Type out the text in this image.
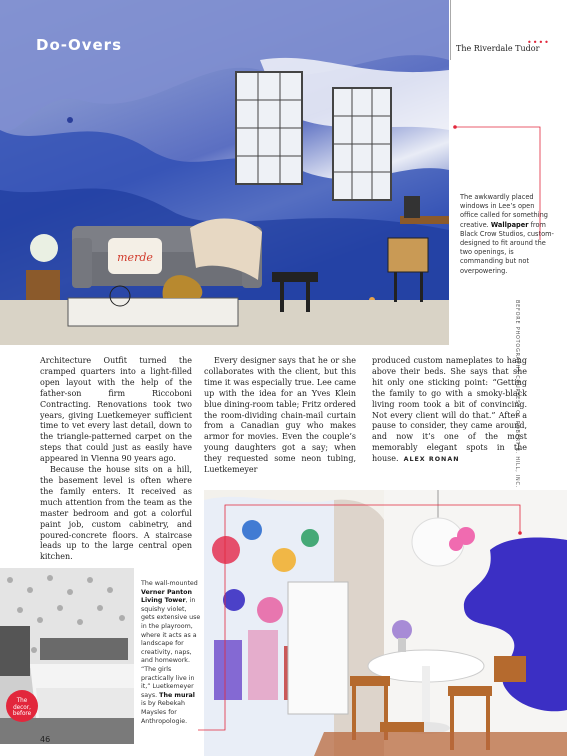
merde
Do-Overs	••••
The Riverdale Tudor
The awkwardly placed windows in Lee’s open office called for something creative. Wallpaper from Black Crow Studios, custom-designed to fit around the two openings, is commanding but not overpowering.
BEFORE PHOTOGRAPHS COURTESY OF ROBERT R. HILL, INC.

Architecture Outfit turned the cramped quarters into a light-filled open layout with the help of the father-son firm Riccoboni Contracting. Renovations took two years, giving Luetkemeyer sufficient time to vet every last detail, down to the triangle-patterned carpet on the steps that could just as easily have appeared in Vienna 90 years ago.

Because the house sits on a hill, the basement level is often where the family enters. It received as much attention from the team as the master bedroom and got a colorful paint job, custom cabinetry, and poured-concrete floors. A staircase leads up to the large central open kitchen.

Every designer says that he or she collaborates with the client, but this time it was especially true. Lee came up with the idea for an Yves Klein blue dining-room table; Fritz ordered the room-dividing chain-mail curtain from a Canadian guy who makes armor for movies. Even the couple’s young daughters got a say; when they requested some neon tubing, Luetkemeyer

produced custom nameplates to hang above their beds. She says that she hit only one sticking point: “Getting the family to go with a smoky-black living room took a bit of convincing. Not every client will do that.” After a pause to consider, they came around, and now it’s one of the most memorably elegant spots in the house. ALEX RONAN

The
decor,
before
The wall-mounted Verner Panton Living Tower, in squishy violet, gets extensive use in the playroom, where it acts as a landscape for creativity, naps, and homework. “The girls practically live in it,” Luetkemeyer says. The mural is by Rebekah Maysles for Anthropologie.
46
